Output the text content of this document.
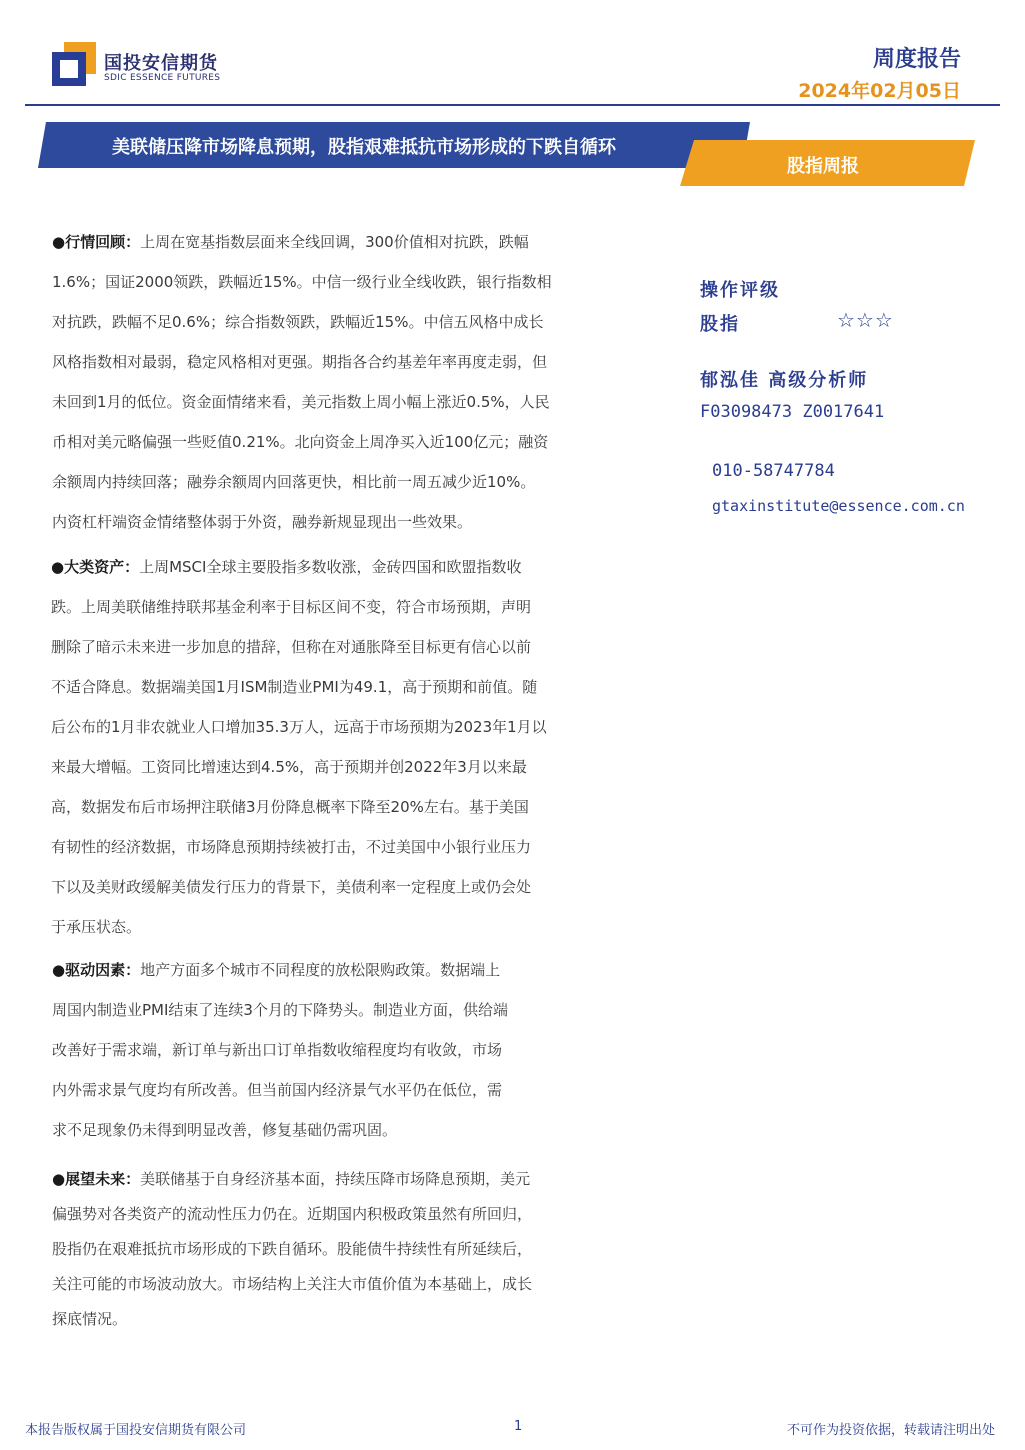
国投安信期货
SDIC ESSENCE FUTURES
周度报告
2024年02月05日
美联储压降市场降息预期，股指艰难抵抗市场形成的下跌自循环
股指周报

●行情回顾：上周在宽基指数层面来全线回调，300价值相对抗跌，跌幅

1.6%；国证2000领跌，跌幅近15%。中信一级行业全线收跌，银行指数相

对抗跌，跌幅不足0.6%；综合指数领跌，跌幅近15%。中信五风格中成长

风格指数相对最弱，稳定风格相对更强。期指各合约基差年率再度走弱，但

未回到1月的低位。资金面情绪来看，美元指数上周小幅上涨近0.5%，人民

币相对美元略偏强一些贬值0.21%。北向资金上周净买入近100亿元；融资

余额周内持续回落；融券余额周内回落更快，相比前一周五减少近10%。

内资杠杆端资金情绪整体弱于外资，融券新规显现出一些效果。

●大类资产：上周MSCI全球主要股指多数收涨，金砖四国和欧盟指数收

跌。上周美联储维持联邦基金利率于目标区间不变，符合市场预期，声明

删除了暗示未来进一步加息的措辞，但称在对通胀降至目标更有信心以前

不适合降息。数据端美国1月ISM制造业PMI为49.1，高于预期和前值。随

后公布的1月非农就业人口增加35.3万人，远高于市场预期为2023年1月以

来最大增幅。工资同比增速达到4.5%，高于预期并创2022年3月以来最

高，数据发布后市场押注联储3月份降息概率下降至20%左右。基于美国

有韧性的经济数据，市场降息预期持续被打击，不过美国中小银行业压力

下以及美财政缓解美债发行压力的背景下，美债利率一定程度上或仍会处

于承压状态。

●驱动因素：地产方面多个城市不同程度的放松限购政策。数据端上

周国内制造业PMI结束了连续3个月的下降势头。制造业方面，供给端

改善好于需求端，新订单与新出口订单指数收缩程度均有收敛，市场

内外需求景气度均有所改善。但当前国内经济景气水平仍在低位，需

求不足现象仍未得到明显改善，修复基础仍需巩固。

●展望未来：美联储基于自身经济基本面，持续压降市场降息预期，美元

偏强势对各类资产的流动性压力仍在。近期国内积极政策虽然有所回归，

股指仍在艰难抵抗市场形成的下跌自循环。股能债牛持续性有所延续后，

关注可能的市场波动放大。市场结构上关注大市值价值为本基础上，成长

探底情况。

操作评级
股指	☆☆☆
郁泓佳 高级分析师
F03098473 Z0017641
010-58747784
gtaxinstitute@essence.com.cn
本报告版权属于国投安信期货有限公司	1	不可作为投资依据，转载请注明出处
